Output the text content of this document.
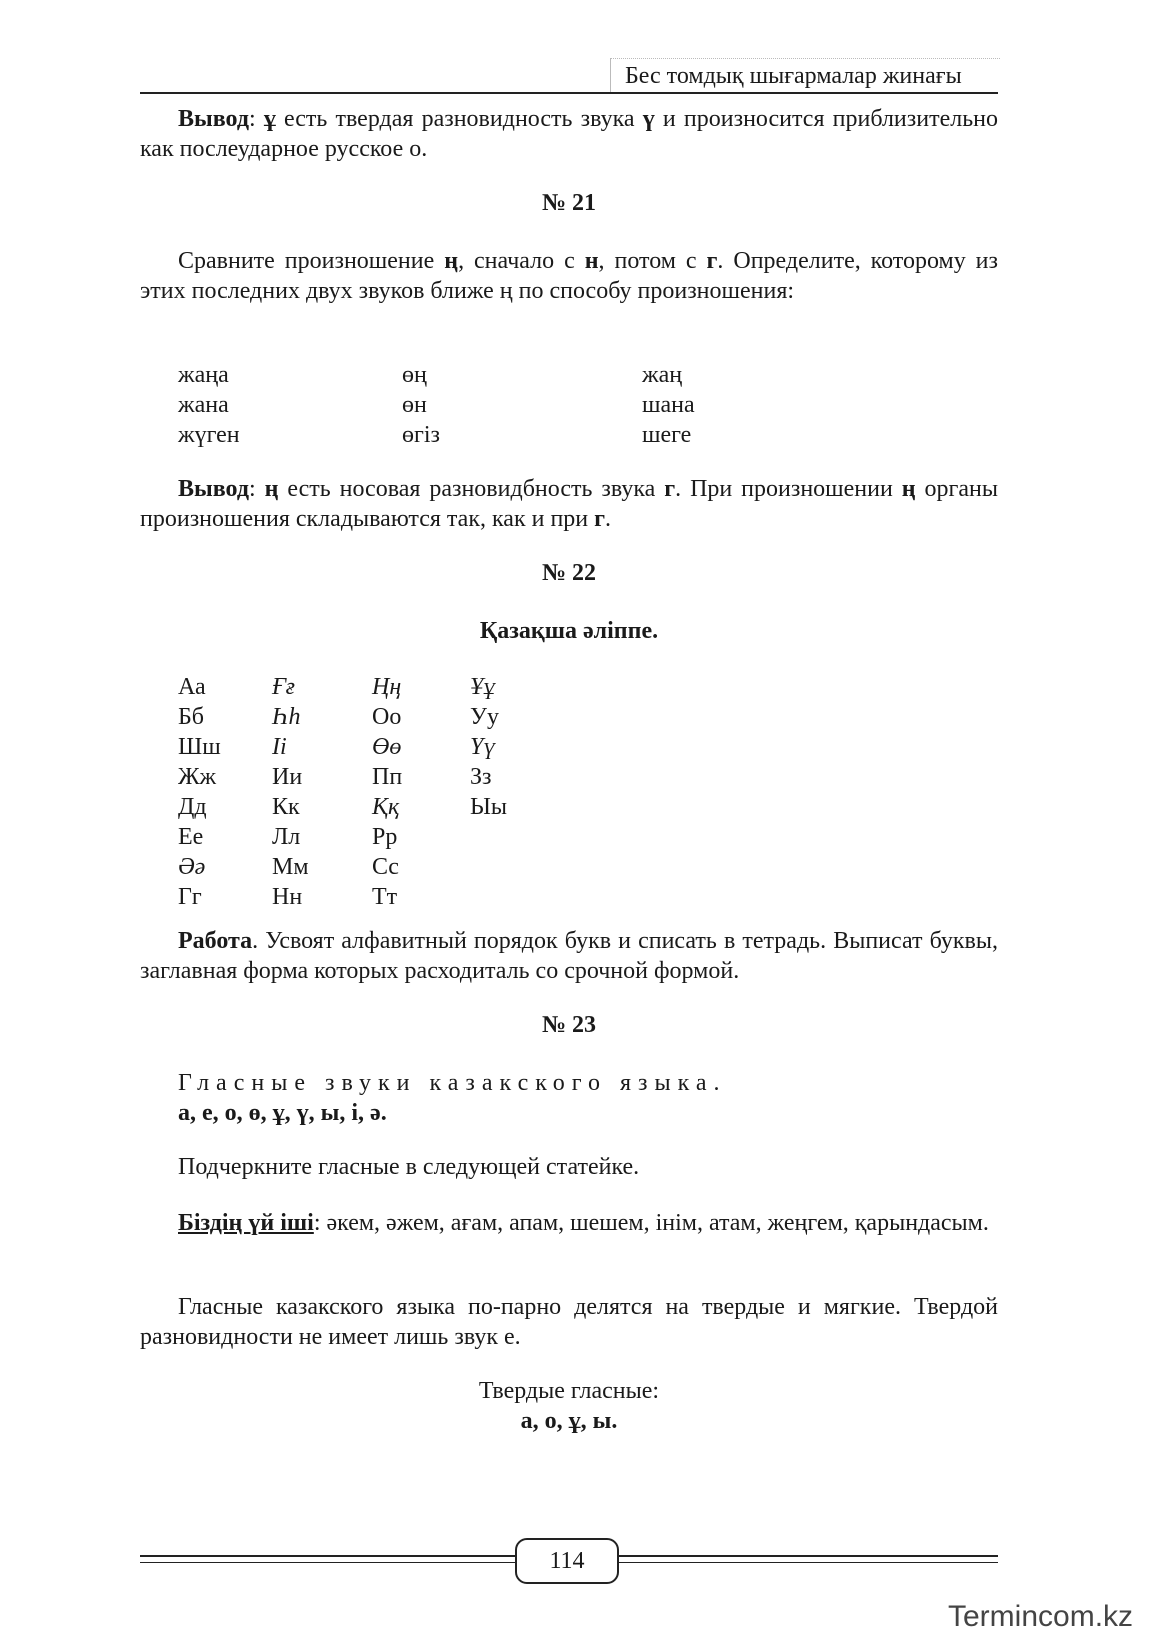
Бес томдық шығармалар жинағы

Вывод: ұ есть твердая разновидность звука ү и произносится приблизительно как послеударное русское о.

№ 21

Сравните произношение ң, сначало с н, потом с г. Определите, которому из этих последних двух звуков ближе ң по способу произношения:

жаңа
жана
жүген
өң
өн
өгіз
жаң
шана
шеге

Вывод: ң есть носовая разновидбность звука г. При произношении ң органы произношения складываются так, как и при г.

№ 22
Қазақша әліппе.
Аа
Бб
Шш
Жж
Дд
Ее
Әә
Гг
Ғғ
Һһ
Іі
Ии
Кк
Лл
Мм
Нн
Ңң
Оо
Өө
Пп
Ққ
Рр
Сс
Тт
Ұұ
Уу
Үү
Зз
Ыы

Работа. Усвоят алфавитный порядок букв и списать в тетрадь. Выписат буквы, заглавная форма которых расходиталь со срочной формой.

№ 23
Гласные звуки казакского языка.
а, е, о, ө, ұ, ү, ы, і, ә.

Подчеркните гласные в следующей статейке.

Біздің үй іші: әкем, әжем, ағам, апам, шешем, інім, атам, жеңгем, қарындасым.

Гласные казакского языка по-парно делятся на твердые и мягкие. Твердой разновидности не имеет лишь звук е.

Твердые гласные:
а, о, ұ, ы.
114
Termincom.kz
